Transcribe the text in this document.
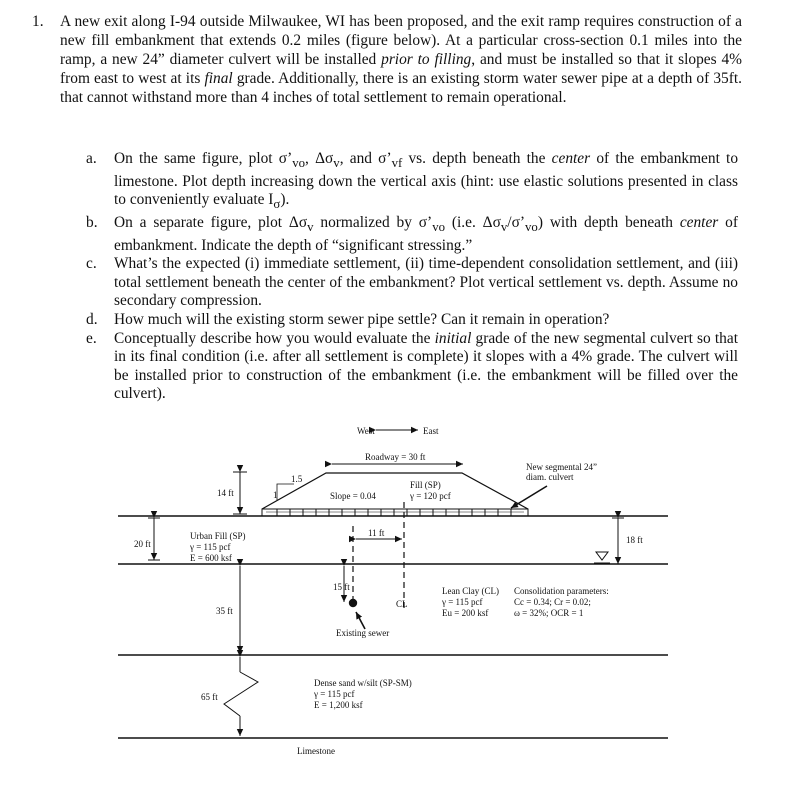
1. A new exit along I-94 outside Milwaukee, WI has been proposed, and the exit ramp requires construction of a new fill embankment that extends 0.2 miles (figure below). At a particular cross-section 0.1 miles into the ramp, a new 24” diameter culvert will be installed prior to filling, and must be installed so that it slopes 4% from east to west at its final grade. Additionally, there is an existing storm water sewer pipe at a depth of 35ft. that cannot withstand more than 4 inches of total settlement to remain operational.
a. On the same figure, plot $\sigma’_{vo}$, $\Delta\sigma_v$, and $\sigma’_{vf}$ vs. depth beneath the center of the embankment to limestone. Plot depth increasing down the vertical axis (hint: use elastic solutions presented in class to conveniently evaluate $I_\sigma$).
b. On a separate figure, plot $\Delta\sigma_v$ normalized by $\sigma’_{vo}$ (i.e. $\Delta\sigma_v/\sigma’_{vo}$) with depth beneath center of embankment. Indicate the depth of “significant stressing.”
c. What’s the expected (i) immediate settlement, (ii) time-dependent consolidation settlement, and (iii) total settlement beneath the center of the embankment? Plot vertical settlement vs. depth. Assume no secondary compression.
d. How much will the existing storm sewer pipe settle? Can it remain in operation?
e. Conceptually describe how you would evaluate the initial grade of the new segmental culvert so that in its final condition (i.e. after all settlement is complete) it slopes with a 4% grade. The culvert will be installed prior to construction of the embankment (i.e. the embankment will be filled over the culvert).
West	East
Roadway = 30 ft
1.5
1
14 ft	Slope = 0.04
Fill (SP)
γ = 120 pcf
New segmental 24”
diam. culvert
20 ft
Urban Fill (SP)
γ = 115 pcf
E = 600 ksf
11 ft
18 ft
15 ft
Existing sewer
CL
35 ft
Lean Clay (CL)
γ = 115 pcf
Eu = 200 ksf
Consolidation parameters:
Cc = 0.34; Cr = 0.02;
ω = 32%; OCR = 1
65 ft
Dense sand w/silt (SP-SM)
γ = 115 pcf
E = 1,200 ksf
Limestone
